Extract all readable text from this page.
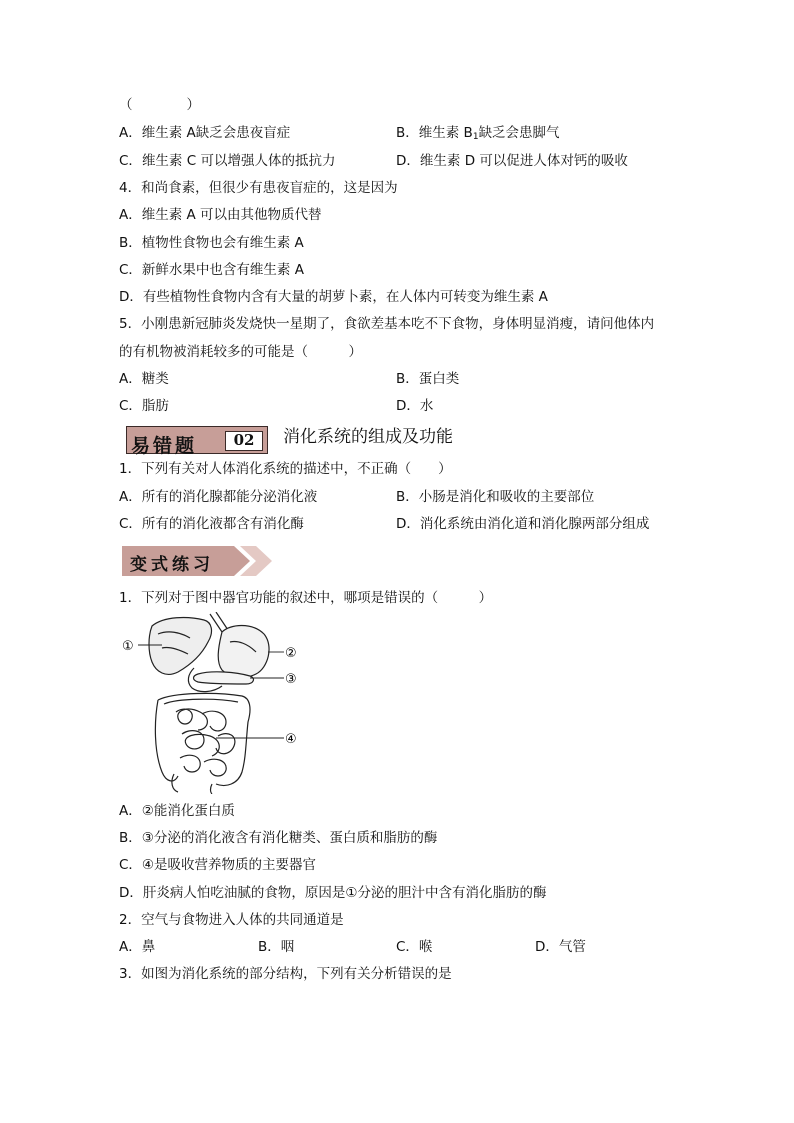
（　　　　）
A．维生素 A缺乏会患夜盲症	B．维生素 $B_1$缺乏会患脚气
C．维生素 C 可以增强人体的抵抗力	D．维生素 D 可以促进人体对钙的吸收
4．和尚食素，但很少有患夜盲症的，这是因为
A．维生素 A 可以由其他物质代替
B．植物性食物也会有维生素 A
C．新鲜水果中也含有维生素 A
D．有些植物性食物内含有大量的胡萝卜素，在人体内可转变为维生素 A
5．小刚患新冠肺炎发烧快一星期了，食欲差基本吃不下食物，身体明显消瘦，请问他体内
的有机物被消耗较多的可能是（　　　）
A．糖类	B．蛋白类
C．脂肪	D．水
易错题	02	消化系统的组成及功能
1．下列有关对人体消化系统的描述中，不正确（　　）
A．所有的消化腺都能分泌消化液	B．小肠是消化和吸收的主要部位
C．所有的消化液都含有消化酶	D．消化系统由消化道和消化腺两部分组成
变式练习
1．下列对于图中器官功能的叙述中，哪项是错误的（　　　）
①	②
③
④
A．②能消化蛋白质
B．③分泌的消化液含有消化糖类、蛋白质和脂肪的酶
C．④是吸收营养物质的主要器官
D．肝炎病人怕吃油腻的食物，原因是①分泌的胆汁中含有消化脂肪的酶
2．空气与食物进入人体的共同通道是
A．鼻	B．咽	C．喉	D．气管
3．如图为消化系统的部分结构，下列有关分析错误的是
